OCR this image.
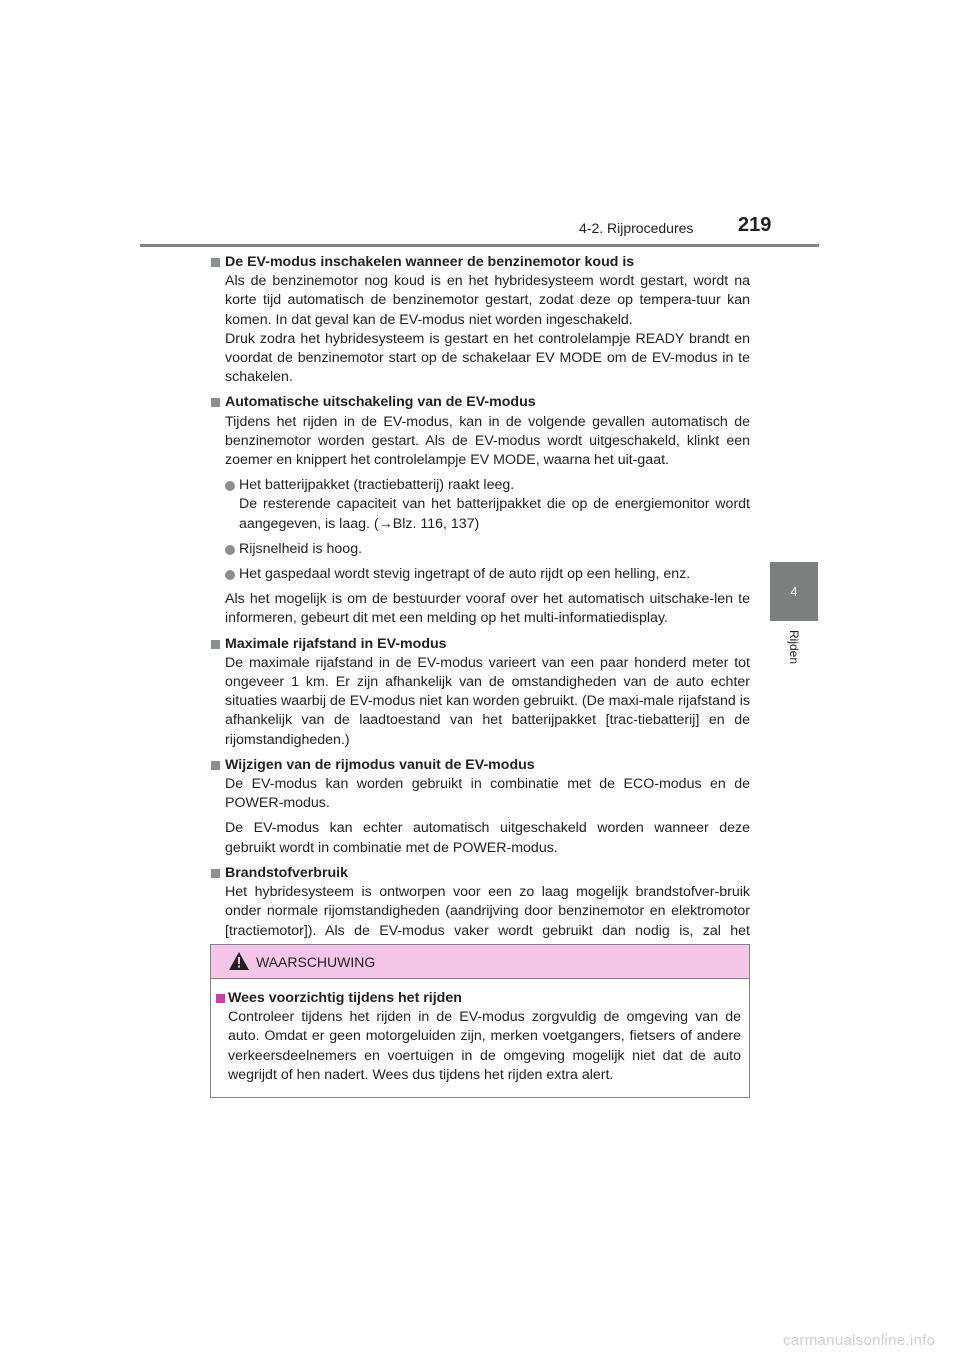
4-2. Rijprocedures 219
4
Rijden
De EV-modus inschakelen wanneer de benzinemotor koud is
Als de benzinemotor nog koud is en het hybridesysteem wordt gestart, wordt na korte tijd automatisch de benzinemotor gestart, zodat deze op tempera-tuur kan komen. In dat geval kan de EV-modus niet worden ingeschakeld.
Druk zodra het hybridesysteem is gestart en het controlelampje READY brandt en voordat de benzinemotor start op de schakelaar EV MODE om de EV-modus in te schakelen.
Automatische uitschakeling van de EV-modus
Tijdens het rijden in de EV-modus, kan in de volgende gevallen automatisch de benzinemotor worden gestart. Als de EV-modus wordt uitgeschakeld, klinkt een zoemer en knippert het controlelampje EV MODE, waarna het uit-gaat.
Het batterijpakket (tractiebatterij) raakt leeg.
De resterende capaciteit van het batterijpakket die op de energiemonitor wordt aangegeven, is laag. (→Blz. 116, 137)
Rijsnelheid is hoog.
Het gaspedaal wordt stevig ingetrapt of de auto rijdt op een helling, enz.
Als het mogelijk is om de bestuurder vooraf over het automatisch uitschake-len te informeren, gebeurt dit met een melding op het multi-informatiedisplay.
Maximale rijafstand in EV-modus
De maximale rijafstand in de EV-modus varieert van een paar honderd meter tot ongeveer 1 km. Er zijn afhankelijk van de omstandigheden van de auto echter situaties waarbij de EV-modus niet kan worden gebruikt. (De maxi-male rijafstand is afhankelijk van de laadtoestand van het batterijpakket [trac-tiebatterij] en de rijomstandigheden.)
Wijzigen van de rijmodus vanuit de EV-modus
De EV-modus kan worden gebruikt in combinatie met de ECO-modus en de POWER-modus.
De EV-modus kan echter automatisch uitgeschakeld worden wanneer deze gebruikt wordt in combinatie met de POWER-modus.
Brandstofverbruik
Het hybridesysteem is ontworpen voor een zo laag mogelijk brandstofver-bruik onder normale rijomstandigheden (aandrijving door benzinemotor en elektromotor [tractiemotor]). Als de EV-modus vaker wordt gebruikt dan nodig is, zal het
WAARSCHUWING
Wees voorzichtig tijdens het rijden
Controleer tijdens het rijden in de EV-modus zorgvuldig de omgeving van de auto. Omdat er geen motorgeluiden zijn, merken voetgangers, fietsers of andere verkeersdeelnemers en voertuigen in de omgeving mogelijk niet dat de auto wegrijdt of hen nadert. Wees dus tijdens het rijden extra alert.
carmanualsonline.info
